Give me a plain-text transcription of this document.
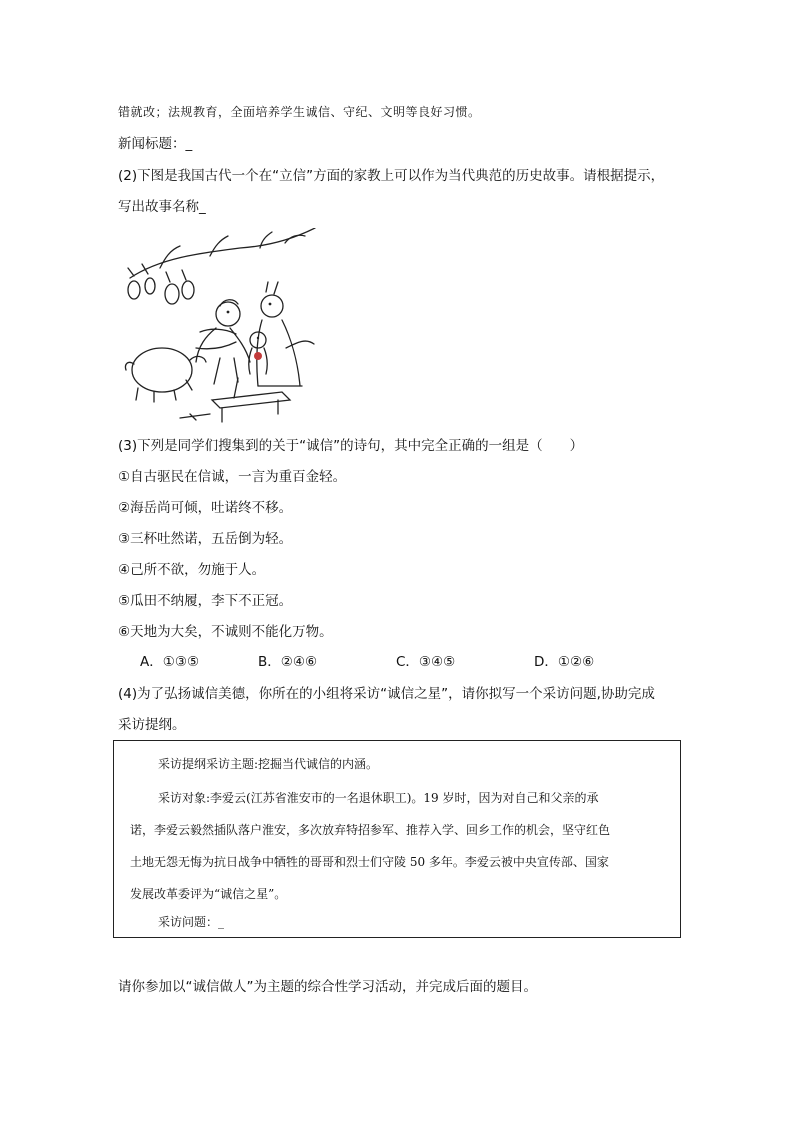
错就改；法规教育，全面培养学生诚信、守纪、文明等良好习惯。
新闻标题：_
(2)下图是我国古代一个在“立信”方面的家教上可以作为当代典范的历史故事。请根据提示，
写出故事名称_
(3)下列是同学们搜集到的关于“诚信”的诗句，其中完全正确的一组是（　　）
①自古驱民在信诚，一言为重百金轻。
②海岳尚可倾，吐诺终不移。
③三杯吐然诺，五岳倒为轻。
④己所不欲，勿施于人。
⑤瓜田不纳履，李下不正冠。
⑥天地为大矣，不诚则不能化万物。
A．①③⑤	B．②④⑥	C．③④⑤	D．①②⑥
(4)为了弘扬诚信美德，你所在的小组将采访“诚信之星”，请你拟写一个采访问题,协助完成
采访提纲。
采访提纲采访主题:挖掘当代诚信的内涵。
采访对象:李爱云(江苏省淮安市的一名退休职工)。19 岁时，因为对自己和父亲的承
诺，李爱云毅然插队落户淮安，多次放弃特招参军、推荐入学、回乡工作的机会，坚守红色
土地无怨无悔为抗日战争中牺牲的哥哥和烈士们守陵 50 多年。李爱云被中央宣传部、国家
发展改革委评为“诚信之星”。
采访问题：_
请你参加以“诚信做人”为主题的综合性学习活动，并完成后面的题目。
